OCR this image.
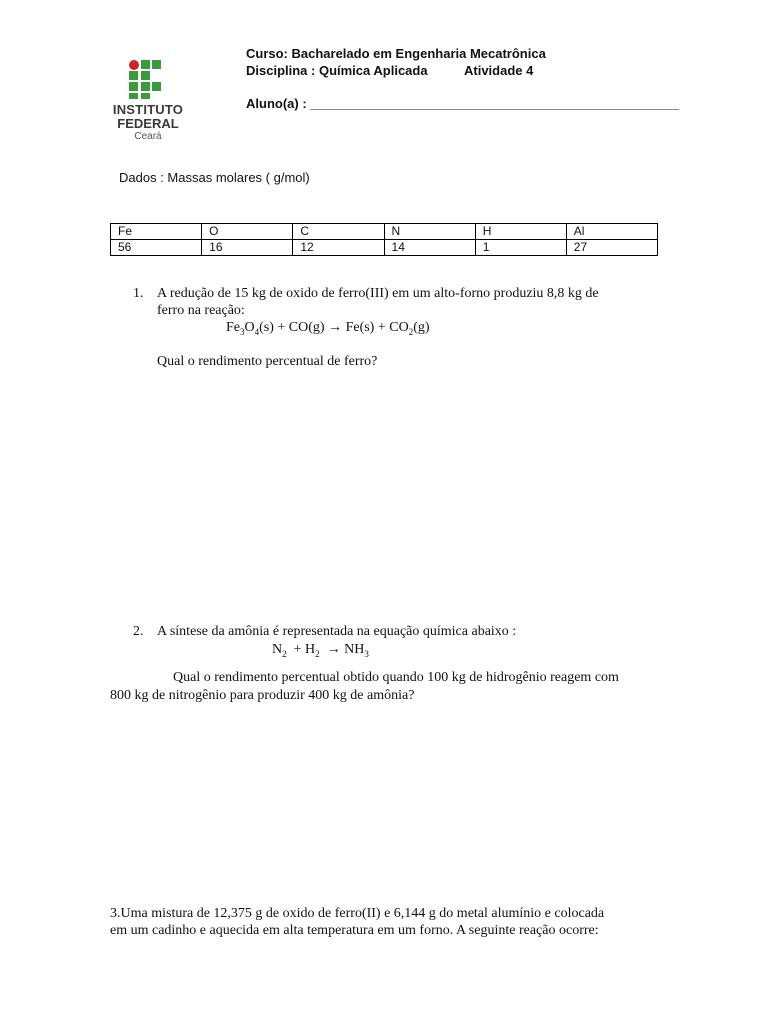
INSTITUTO
FEDERAL
Ceará
Curso: Bacharelado em Engenharia Mecatrônica
Disciplina : Química Aplicada	Atividade 4
Aluno(a) : ___________________________________________________
Dados : Massas molares ( g/mol)
Fe	O	C	N	H	Al
56	16	12	14	1	27
1. A redução de 15 kg de oxido de ferro(III) em um alto-forno produziu 8,8 kg de
ferro na reação:
$Fe_3O_4(s) + CO(g) \to Fe(s) + CO_2(g)$
Qual o rendimento percentual de ferro?
2. A síntese da amônia é representada na equação química abaixo :
$N_2 + H_2 \to NH_3$
Qual o rendimento percentual obtido quando 100 kg de hidrogênio reagem com
800 kg de nitrogênio para produzir 400 kg de amônia?
3.Uma mistura de 12,375 g de oxido de ferro(II) e 6,144 g do metal alumínio e colocada
em um cadinho e aquecida em alta temperatura em um forno. A seguinte reação ocorre:
